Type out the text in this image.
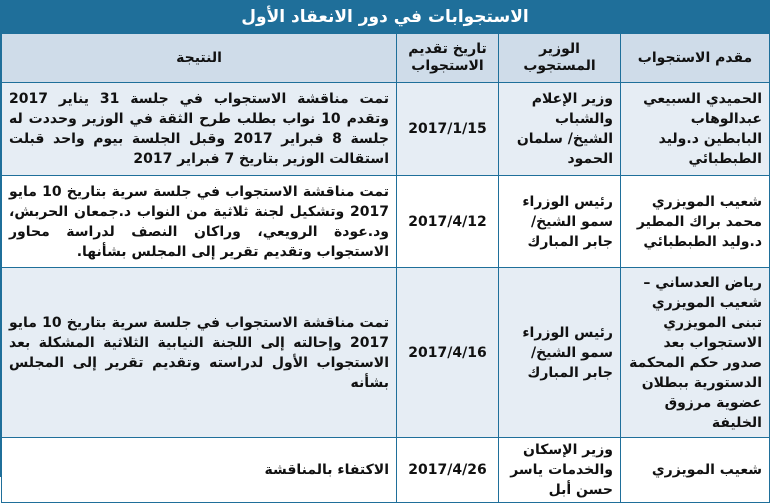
الاستجوابات في دور الانعقاد الأول
مقدم الاستجواب	الوزير المستجوب	تاريخ تقديم الاستجواب	النتيجة
الحميدي السبيعي عبدالوهاب البابطين د.وليد الطبطبائي	وزير الإعلام والشباب الشيخ/ سلمان الحمود	2017/1/15	تمت مناقشة الاستجواب في جلسة 31 يناير 2017 وتقدم 10 نواب بطلب طرح الثقة في الوزير وحددت له جلسة 8 فبراير 2017 وقبل الجلسة بيوم واحد قبلت استقالت الوزير بتاريخ 7 فبراير 2017
شعيب المويزري محمد براك المطير د.وليد الطبطبائي	رئيس الوزراء سمو الشيخ/ جابر المبارك	2017/4/12	تمت مناقشة الاستجواب في جلسة سرية بتاريخ 10 مايو 2017 وتشكيل لجنة ثلاثية من النواب د.جمعان الحربش، ود.عودة الرويعي، وراكان النصف لدراسة محاور الاستجواب وتقديم تقرير إلى المجلس بشأنها.
رياض العدساني – شعيب المويزري تبنى المويزري الاستجواب بعد صدور حكم المحكمة الدستورية ببطلان عضوية مرزوق الخليفة	رئيس الوزراء سمو الشيخ/ جابر المبارك	2017/4/16	تمت مناقشة الاستجواب في جلسة سرية بتاريخ 10 مايو 2017 وإحالته إلى اللجنة النيابية الثلاثية المشكلة بعد الاستجواب الأول لدراسته وتقديم تقرير إلى المجلس بشأنه
شعيب المويزري	وزير الإسكان والخدمات ياسر حسن أبل	2017/4/26	الاكتفاء بالمناقشة
